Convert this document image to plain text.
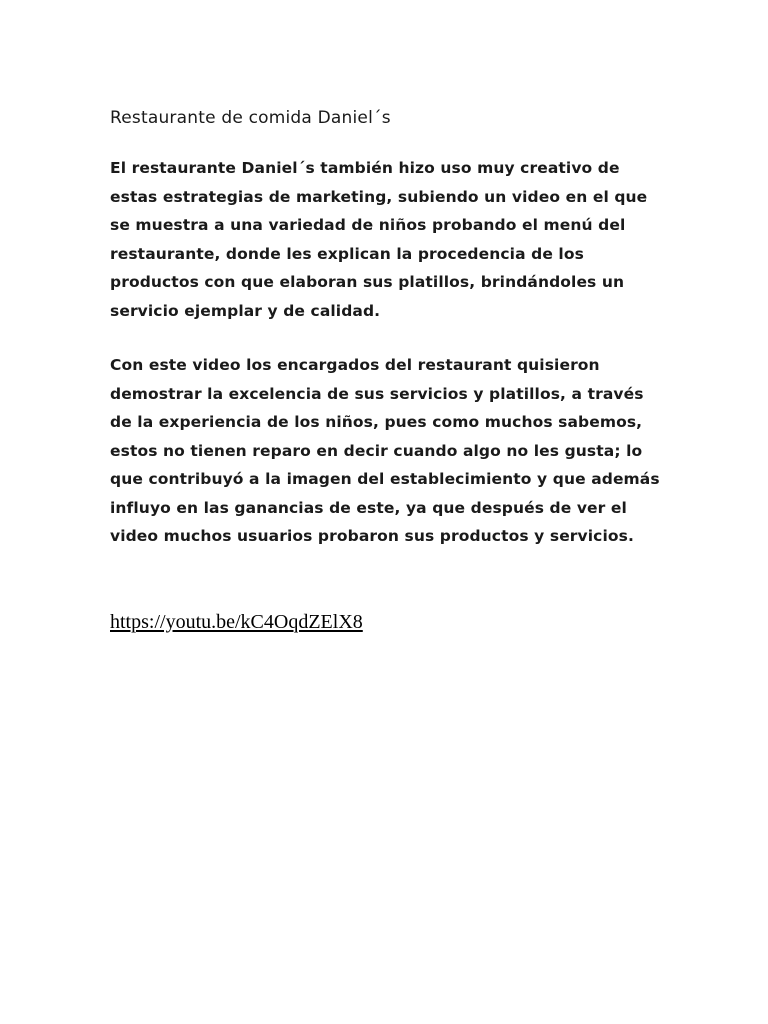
Restaurante de comida Daniel´s

El restaurante Daniel´s también hizo uso muy creativo de estas estrategias de marketing, subiendo un video en el que se muestra a una variedad de niños probando el menú del restaurante, donde les explican la procedencia de los productos con que elaboran sus platillos, brindándoles un servicio ejemplar y de calidad.

Con este video los encargados del restaurant quisieron demostrar la excelencia de sus servicios y platillos, a través de la experiencia de los niños, pues como muchos sabemos, estos no tienen reparo en decir cuando algo no les gusta; lo que contribuyó a la imagen del establecimiento y que además influyo en las ganancias de este, ya que después de ver el video muchos usuarios probaron sus productos y servicios.

https://youtu.be/kC4OqdZElX8
